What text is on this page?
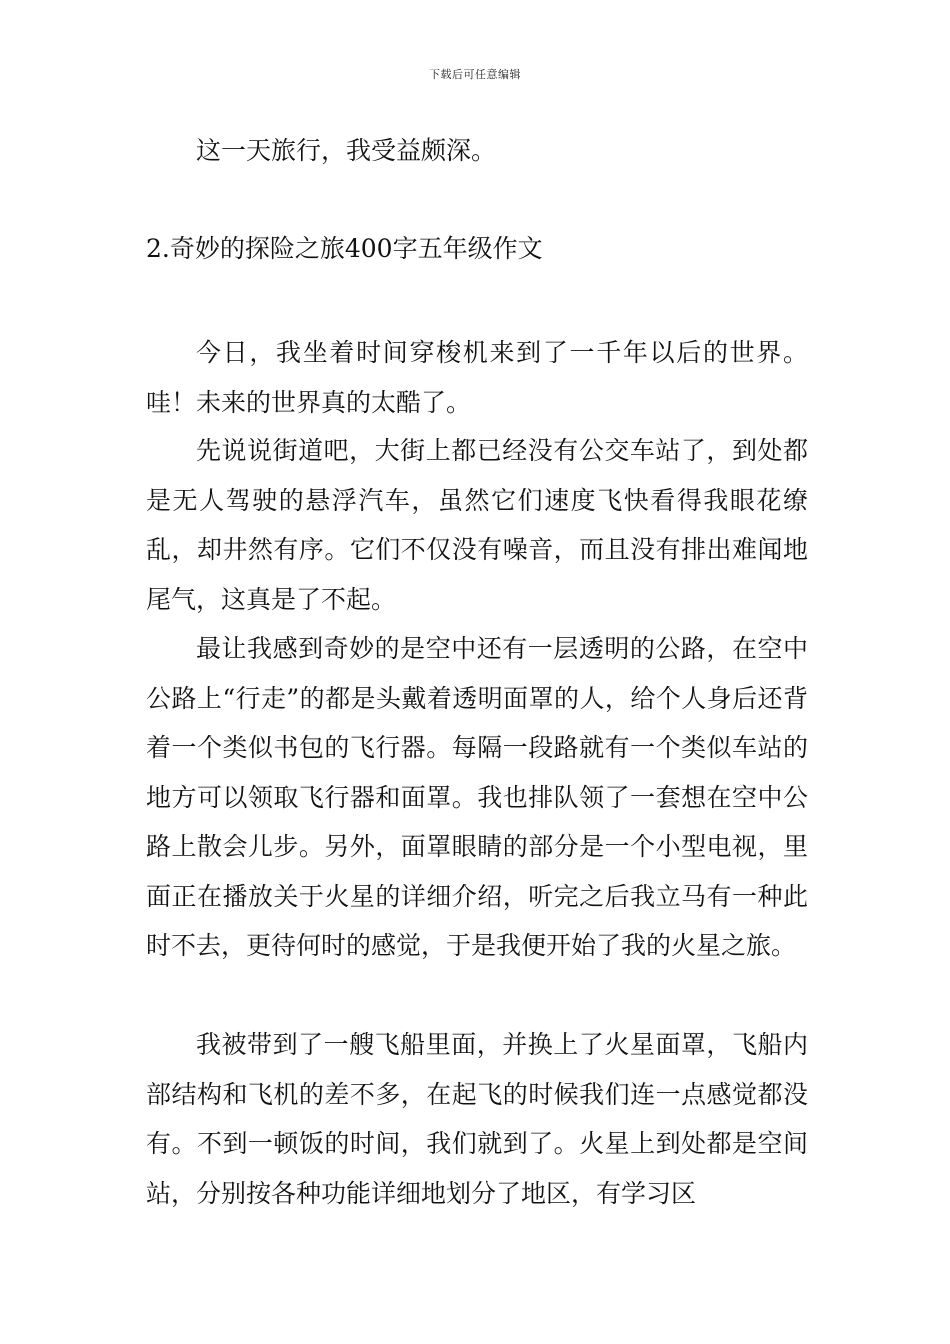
下载后可任意编辑

这一天旅行，我受益颇深。

2.奇妙的探险之旅400字五年级作文

今日，我坐着时间穿梭机来到了一千年以后的世界。哇！未来的世界真的太酷了。

先说说街道吧，大街上都已经没有公交车站了，到处都是无人驾驶的悬浮汽车，虽然它们速度飞快看得我眼花缭乱，却井然有序。它们不仅没有噪音，而且没有排出难闻地尾气，这真是了不起。

最让我感到奇妙的是空中还有一层透明的公路，在空中公路上“行走”的都是头戴着透明面罩的人，给个人身后还背着一个类似书包的飞行器。每隔一段路就有一个类似车站的地方可以领取飞行器和面罩。我也排队领了一套想在空中公路上散会儿步。另外，面罩眼睛的部分是一个小型电视，里面正在播放关于火星的详细介绍，听完之后我立马有一种此时不去，更待何时的感觉，于是我便开始了我的火星之旅。

我被带到了一艘飞船里面，并换上了火星面罩，飞船内部结构和飞机的差不多，在起飞的时候我们连一点感觉都没有。不到一顿饭的时间，我们就到了。火星上到处都是空间站，分别按各种功能详细地划分了地区，有学习区
